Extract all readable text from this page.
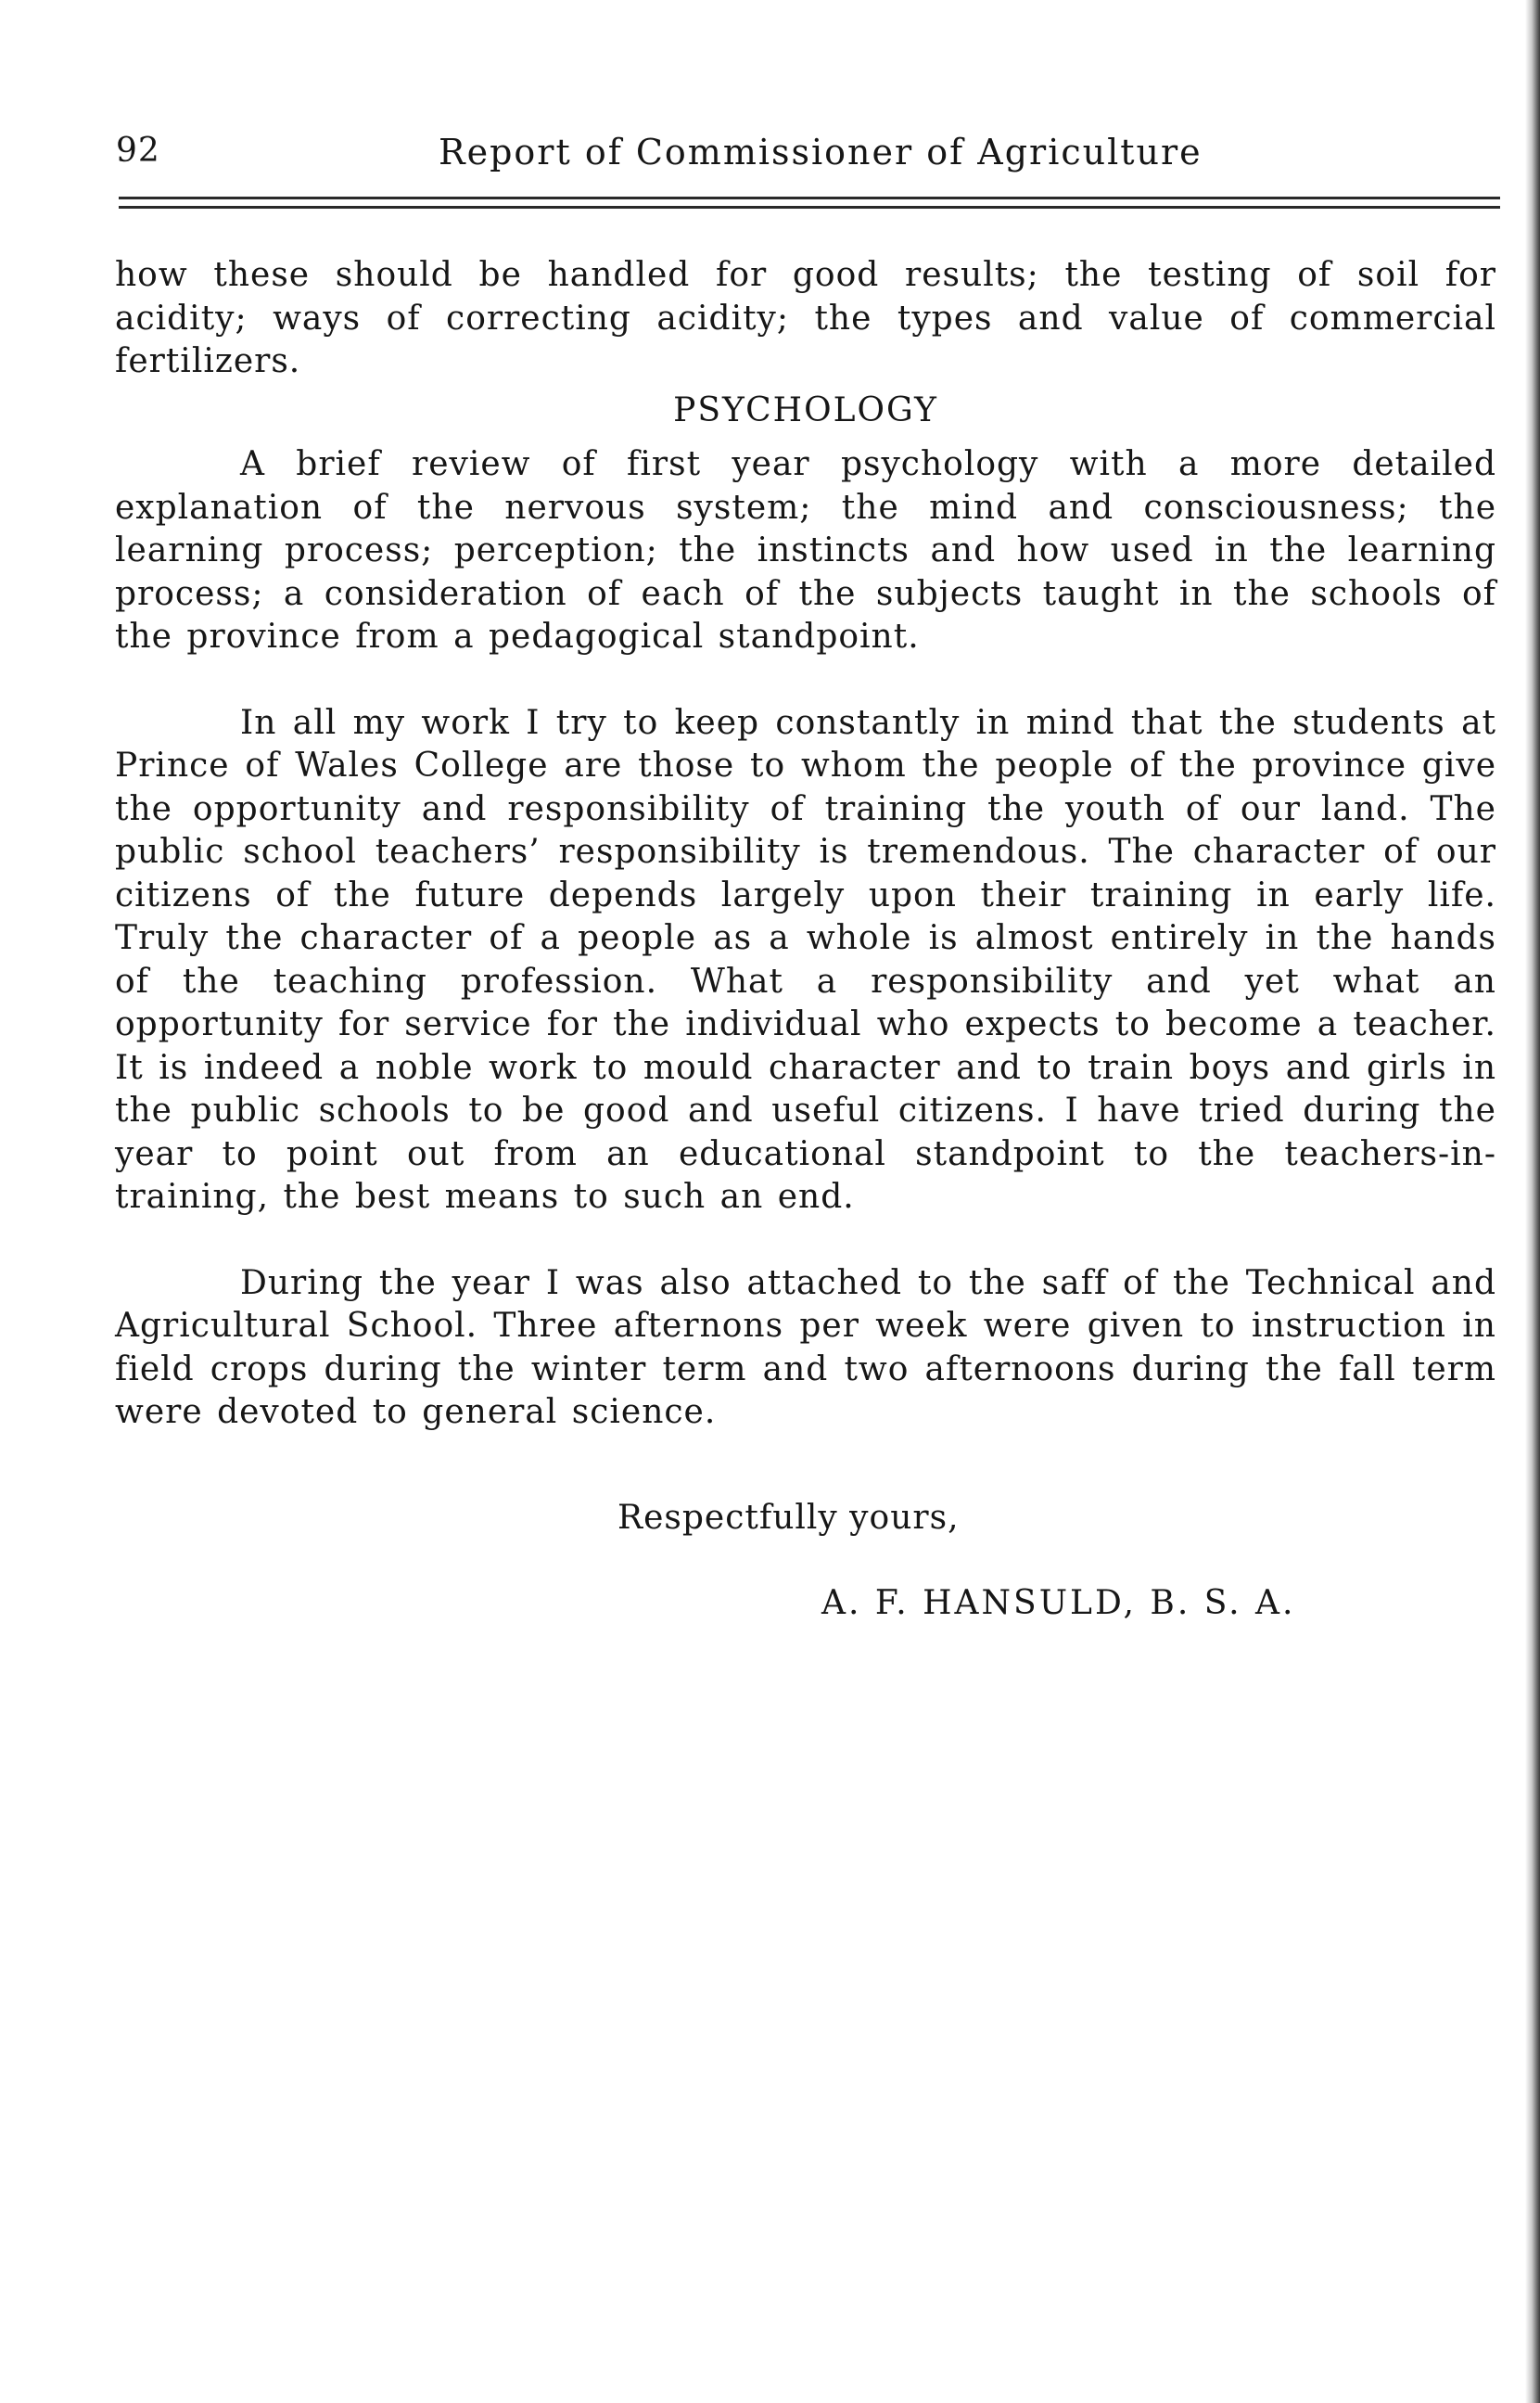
92	Report of Commissioner of Agriculture

how these should be handled for good results; the testing of soil for acidity; ways of correcting acidity; the types and value of commercial fertilizers.

PSYCHOLOGY

A brief review of first year psychology with a more detailed explanation of the nervous system; the mind and consciousness; the learning process; perception; the instincts and how used in the learning process; a consideration of each of the subjects taught in the schools of the province from a pedagogical standpoint.

In all my work I try to keep constantly in mind that the students at Prince of Wales College are those to whom the people of the province give the opportunity and responsibility of training the youth of our land. The public school teachers’ responsibility is tremendous. The character of our citizens of the future depends largely upon their training in early life. Truly the character of a people as a whole is almost entirely in the hands of the teaching profession. What a responsibility and yet what an opportunity for service for the individual who expects to become a teacher. It is indeed a noble work to mould character and to train boys and girls in the public schools to be good and useful citizens. I have tried during the year to point out from an educational standpoint to the teachers-in-training, the best means to such an end.

During the year I was also attached to the saff of the Technical and Agricultural School. Three afternons per week were given to instruction in field crops during the winter term and two afternoons during the fall term were devoted to general science.

Respectfully yours,
A. F. HANSULD, B. S. A.
